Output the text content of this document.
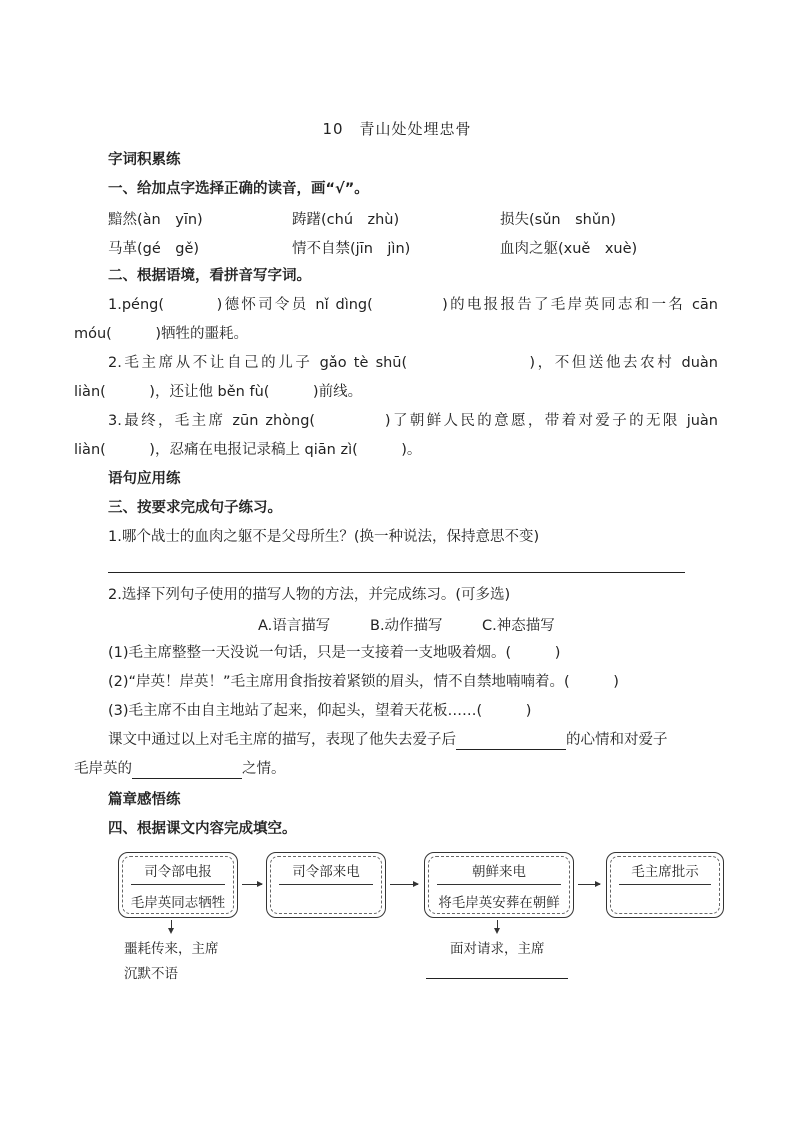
10　青山处处埋忠骨
字词积累练
一、给加点字选择正确的读音，画“√”。
黯然(àn　yīn)	踌躇(chú　zhù)	损失(sǔn　shǔn)
马革(gé　gě)	情不自禁(jīn　jìn)	血肉之躯(xuě　xuè)
二、根据语境，看拼音写字词。
1.péng(　　　)德怀司令员 nǐ dìng(　　　　)的电报报告了毛岸英同志和一名 cān
móu(　　　)牺牲的噩耗。
2.毛主席从不让自己的儿子 gǎo tè shū(　　　　　　　)，不但送他去农村 duàn
liàn(　　　)，还让他 běn fù(　　　)前线。
3.最终，毛主席 zūn zhòng(　　　　)了朝鲜人民的意愿，带着对爱子的无限 juàn
liàn(　　　)，忍痛在电报记录稿上 qiān zì(　　　)。
语句应用练
三、按要求完成句子练习。
1.哪个战士的血肉之躯不是父母所生？(换一种说法，保持意思不变)
2.选择下列句子使用的描写人物的方法，并完成练习。(可多选)
A.语言描写	B.动作描写	C.神态描写
(1)毛主席整整一天没说一句话，只是一支接着一支地吸着烟。(　　　)
(2)“岸英！岸英！”毛主席用食指按着紧锁的眉头，情不自禁地喃喃着。(　　　)
(3)毛主席不由自主地站了起来，仰起头，望着天花板……(　　　)
课文中通过以上对毛主席的描写，表现了他失去爱子后	的心情和对爱子
毛岸英的	之情。
篇章感悟练
四、根据课文内容完成填空。
司令部电报
毛岸英同志牺牲
司令部来电	朝鲜来电
将毛岸英安葬在朝鲜
毛主席批示
噩耗传来，主席
沉默不语
面对请求，主席
